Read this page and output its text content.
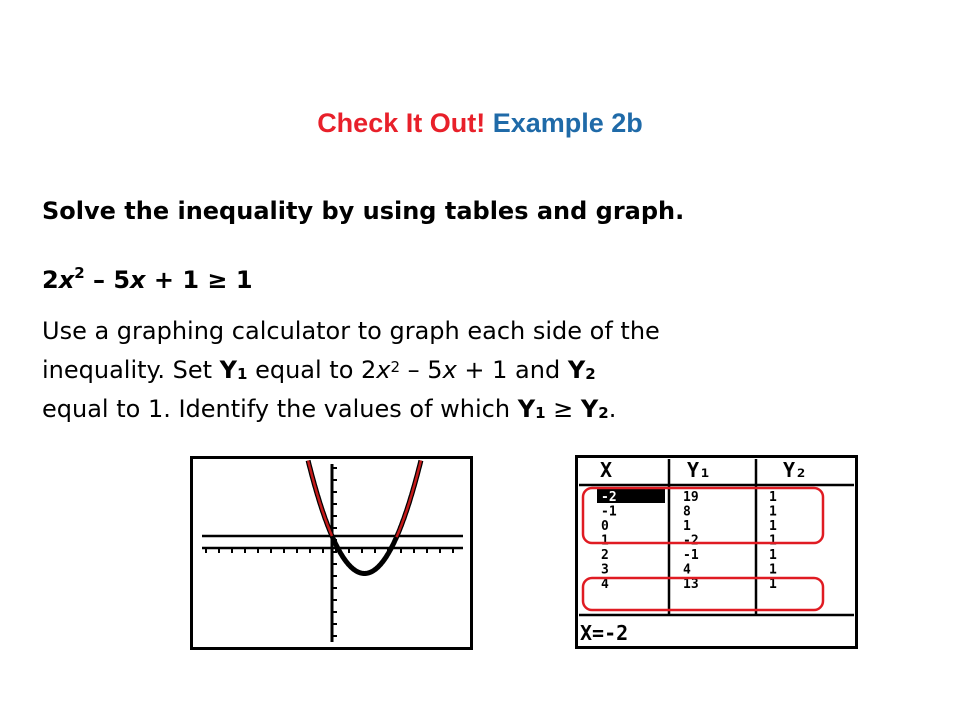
Check It Out! Example 2b
Solve the inequality by using tables and graph.
$2x^2 - 5x + 1 \ge 1$
Use a graphing calculator to graph each side of the
inequality. Set $Y_1$ equal to $2x^2 - 5x + 1$ and $Y_2$
equal to 1. Identify the values of which $Y_1 \ge Y_2$.
X	Y₁	Y₂
-2	19	1
-1	8	1
0	1	1
1	-2	1
2	-1	1
3	4	1
4	13	1
X=-2
